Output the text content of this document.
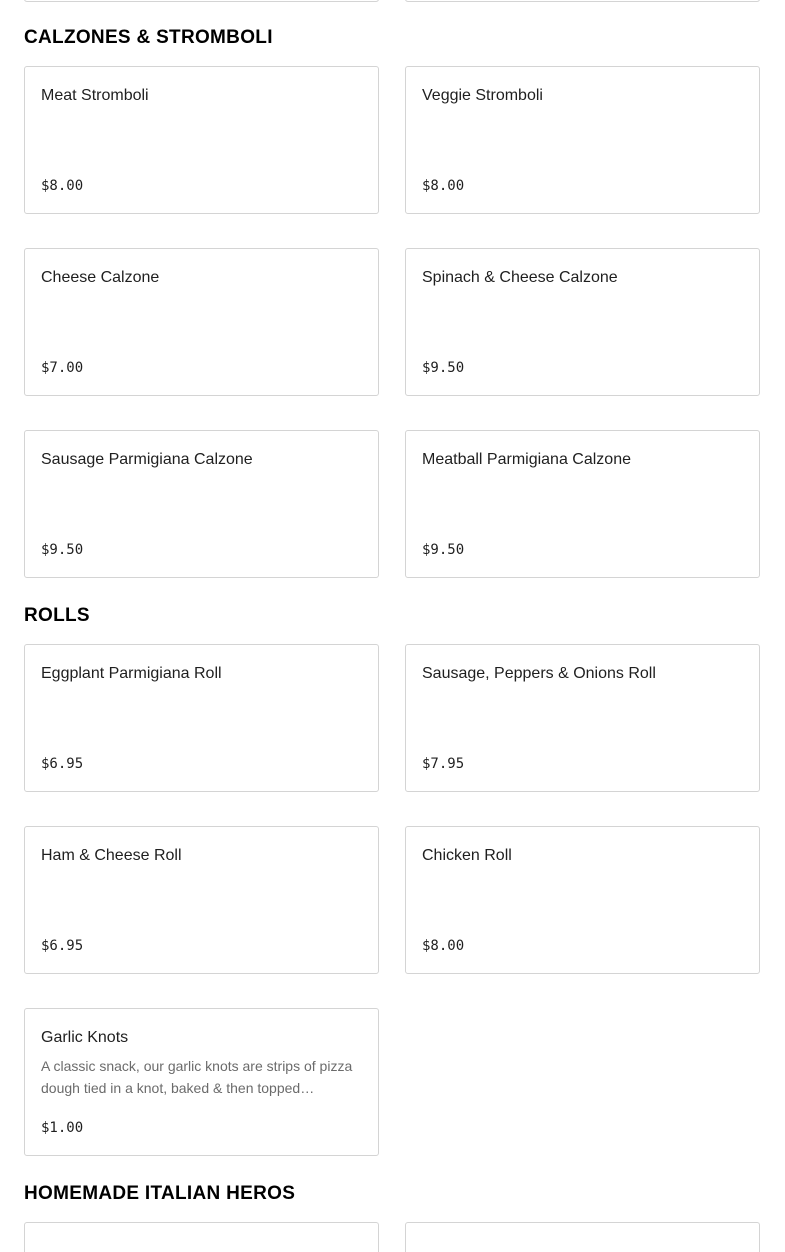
CALZONES & STROMBOLI
Meat Stromboli
$8.00
Veggie Stromboli
$8.00
Cheese Calzone
$7.00
Spinach & Cheese Calzone
$9.50
Sausage Parmigiana Calzone
$9.50
Meatball Parmigiana Calzone
$9.50
ROLLS
Eggplant Parmigiana Roll
$6.95
Sausage, Peppers & Onions Roll
$7.95
Ham & Cheese Roll
$6.95
Chicken Roll
$8.00
Garlic Knots
A classic snack, our garlic knots are strips of pizza dough tied in a knot, baked & then topped…
$1.00
HOMEMADE ITALIAN HEROS
